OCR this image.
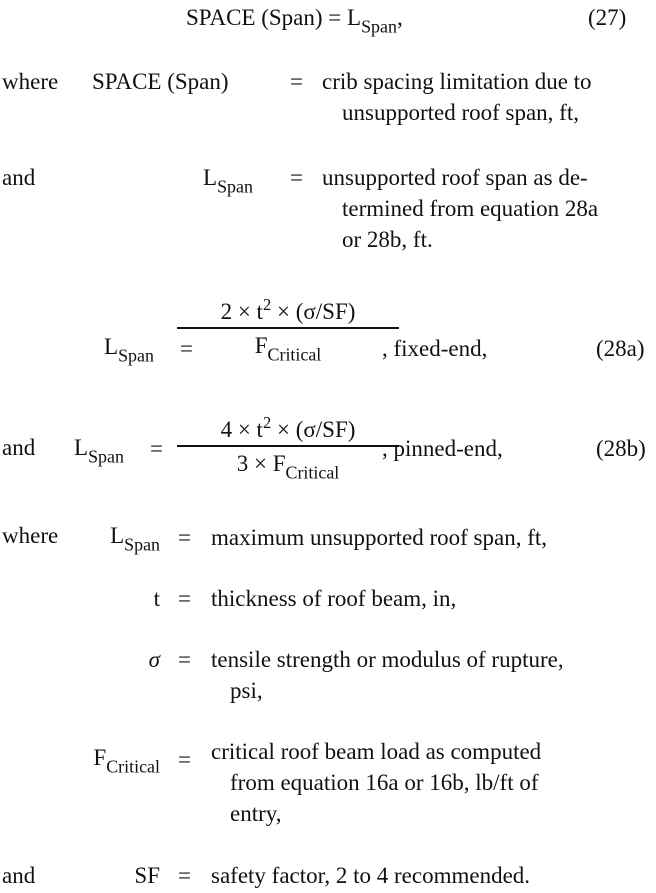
SPACE (Span) = $L_{Span}$,	(27)
where SPACE (Span)	= crib spacing limitation due to
unsupported roof span, ft,
and	$L_{Span}$ = unsupported roof span as de-
termined from equation 28a
or 28b, ft.
$L_{Span}$ =
$2 \times t^2 \times (\sigma/SF)$
$F_{Critical}$	, fixed-end,	(28a)
and $L_{Span}$ =
$4 \times t^2 \times (\sigma/SF)$
$3 \times F_{Critical}$
, pinned-end,	(28b)
where	$L_{Span}$ = maximum unsupported roof span, ft,
t = thickness of roof beam, in,
σ = tensile strength or modulus of rupture,
psi,
$F_{Critical}$ = critical roof beam load as computed
from equation 16a or 16b, lb/ft of
entry,
and	SF = safety factor, 2 to 4 recommended.
